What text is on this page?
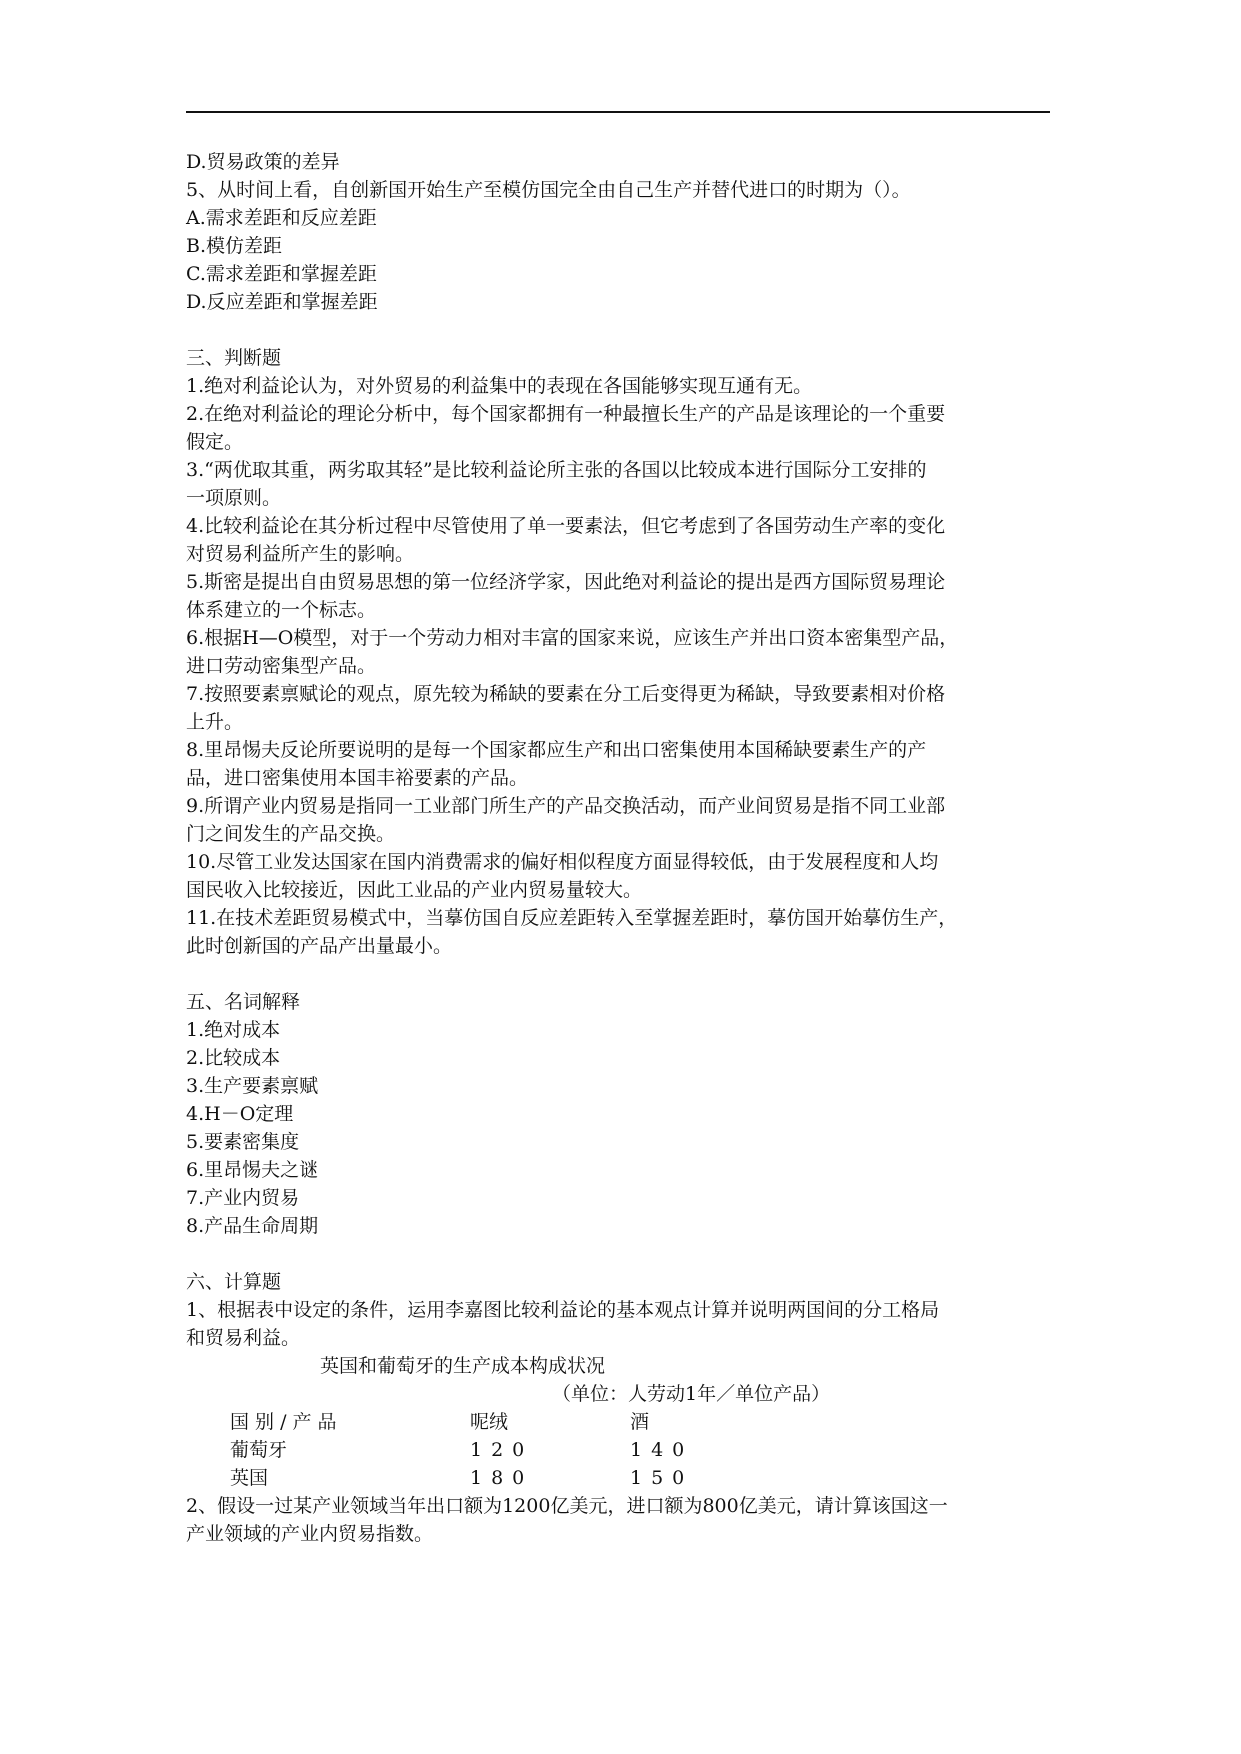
D.贸易政策的差异
5、从时间上看，自创新国开始生产至模仿国完全由自己生产并替代进口的时期为（）。
A.需求差距和反应差距
B.模仿差距
C.需求差距和掌握差距
D.反应差距和掌握差距
三、判断题
1.绝对利益论认为，对外贸易的利益集中的表现在各国能够实现互通有无。
2.在绝对利益论的理论分析中，每个国家都拥有一种最擅长生产的产品是该理论的一个重要
假定。
3.“两优取其重，两劣取其轻”是比较利益论所主张的各国以比较成本进行国际分工安排的
一项原则。
4.比较利益论在其分析过程中尽管使用了单一要素法，但它考虑到了各国劳动生产率的变化
对贸易利益所产生的影响。
5.斯密是提出自由贸易思想的第一位经济学家，因此绝对利益论的提出是西方国际贸易理论
体系建立的一个标志。
6.根据H—O模型，对于一个劳动力相对丰富的国家来说，应该生产并出口资本密集型产品，
进口劳动密集型产品。
7.按照要素禀赋论的观点，原先较为稀缺的要素在分工后变得更为稀缺，导致要素相对价格
上升。
8.里昂惕夫反论所要说明的是每一个国家都应生产和出口密集使用本国稀缺要素生产的产
品，进口密集使用本国丰裕要素的产品。
9.所谓产业内贸易是指同一工业部门所生产的产品交换活动，而产业间贸易是指不同工业部
门之间发生的产品交换。
10.尽管工业发达国家在国内消费需求的偏好相似程度方面显得较低，由于发展程度和人均
国民收入比较接近，因此工业品的产业内贸易量较大。
11.在技术差距贸易模式中，当摹仿国自反应差距转入至掌握差距时，摹仿国开始摹仿生产，
此时创新国的产品产出量最小。
五、名词解释
1.绝对成本
2.比较成本
3.生产要素禀赋
4.H－O定理
5.要素密集度
6.里昂惕夫之谜
7.产业内贸易
8.产品生命周期
六、计算题
1、根据表中设定的条件，运用李嘉图比较利益论的基本观点计算并说明两国间的分工格局
和贸易利益。
英国和葡萄牙的生产成本构成状况
（单位：人劳动1年／单位产品）
国 别 / 产 品	呢绒	酒
葡萄牙	120	140
英国	180	150
2、假设一过某产业领域当年出口额为1200亿美元，进口额为800亿美元，请计算该国这一
产业领域的产业内贸易指数。
